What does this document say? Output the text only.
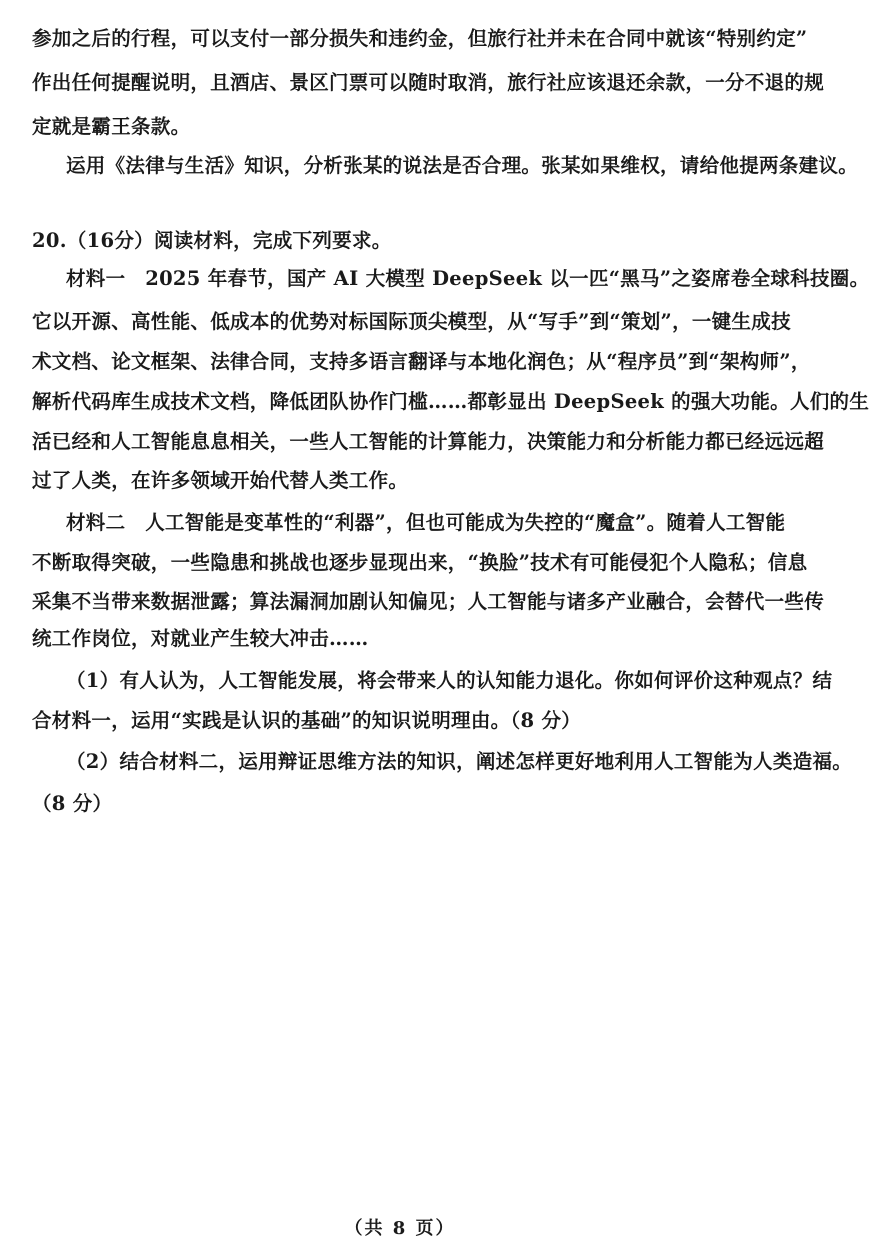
参加之后的行程，可以支付一部分损失和违约金，但旅行社并未在合同中就该“特别约定”
作出任何提醒说明，且酒店、景区门票可以随时取消，旅行社应该退还余款，一分不退的规
定就是霸王条款。
运用《法律与生活》知识，分析张某的说法是否合理。张某如果维权，请给他提两条建议。
20.（16分）阅读材料，完成下列要求。
材料一　2025 年春节，国产 AI 大模型 DeepSeek 以一匹“黑马”之姿席卷全球科技圈。
它以开源、高性能、低成本的优势对标国际顶尖模型，从“写手”到“策划”，一键生成技
术文档、论文框架、法律合同，支持多语言翻译与本地化润色；从“程序员”到“架构师”，
解析代码库生成技术文档，降低团队协作门槛……都彰显出 DeepSeek 的强大功能。人们的生
活已经和人工智能息息相关，一些人工智能的计算能力，决策能力和分析能力都已经远远超
过了人类，在许多领域开始代替人类工作。
材料二　人工智能是变革性的“利器”，但也可能成为失控的“魔盒”。随着人工智能
不断取得突破，一些隐患和挑战也逐步显现出来，“换脸”技术有可能侵犯个人隐私；信息
采集不当带来数据泄露；算法漏洞加剧认知偏见；人工智能与诸多产业融合，会替代一些传
统工作岗位，对就业产生较大冲击……
（1）有人认为，人工智能发展，将会带来人的认知能力退化。你如何评价这种观点？结
合材料一，运用“实践是认识的基础”的知识说明理由。（8 分）
（2）结合材料二，运用辩证思维方法的知识，阐述怎样更好地利用人工智能为人类造福。
（8 分）
（共 8 页）
